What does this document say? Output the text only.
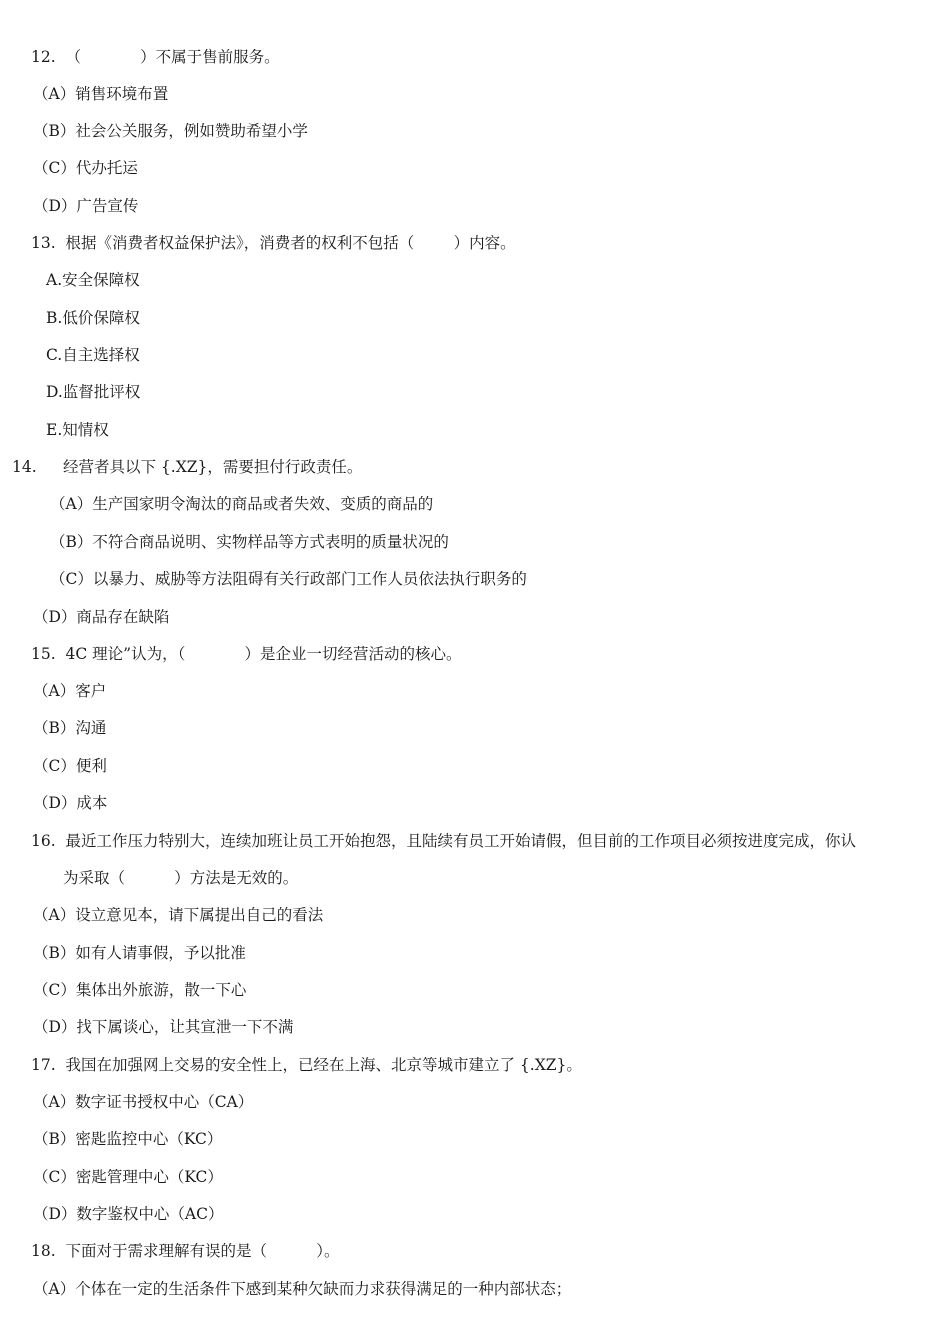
12.  （            ）不属于售前服务。
（A）销售环境布置
（B）社会公关服务，例如赞助希望小学
（C）代办托运
（D）广告宣传
13.  根据《消费者权益保护法》，消费者的权利不包括（        ）内容。
A.安全保障权
B.低价保障权
C.自主选择权
D.监督批评权
E.知情权
14. 经营者具以下 {.XZ}，需要担付行政责任。
（A）生产国家明令淘汰的商品或者失效、变质的商品的
（B）不符合商品说明、实物样品等方式表明的质量状况的
（C）以暴力、威胁等方法阻碍有关行政部门工作人员依法执行职务的
（D）商品存在缺陷
15.  4C 理论”认为，（            ）是企业一切经营活动的核心。
（A）客户
（B）沟通
（C）便利
（D）成本
16.  最近工作压力特别大，连续加班让员工开始抱怨，且陆续有员工开始请假，但目前的工作项目必须按进度完成，你认
为采取（          ）方法是无效的。
（A）设立意见本，请下属提出自己的看法
（B）如有人请事假，予以批准
（C）集体出外旅游，散一下心
（D）找下属谈心，让其宣泄一下不满
17.  我国在加强网上交易的安全性上，已经在上海、北京等城市建立了 {.XZ}。
（A）数字证书授权中心（CA）
（B）密匙监控中心（KC）
（C）密匙管理中心（KC）
（D）数字鉴权中心（AC）
18.  下面对于需求理解有误的是（          ）。
（A）个体在一定的生活条件下感到某种欠缺而力求获得满足的一种内部状态；
